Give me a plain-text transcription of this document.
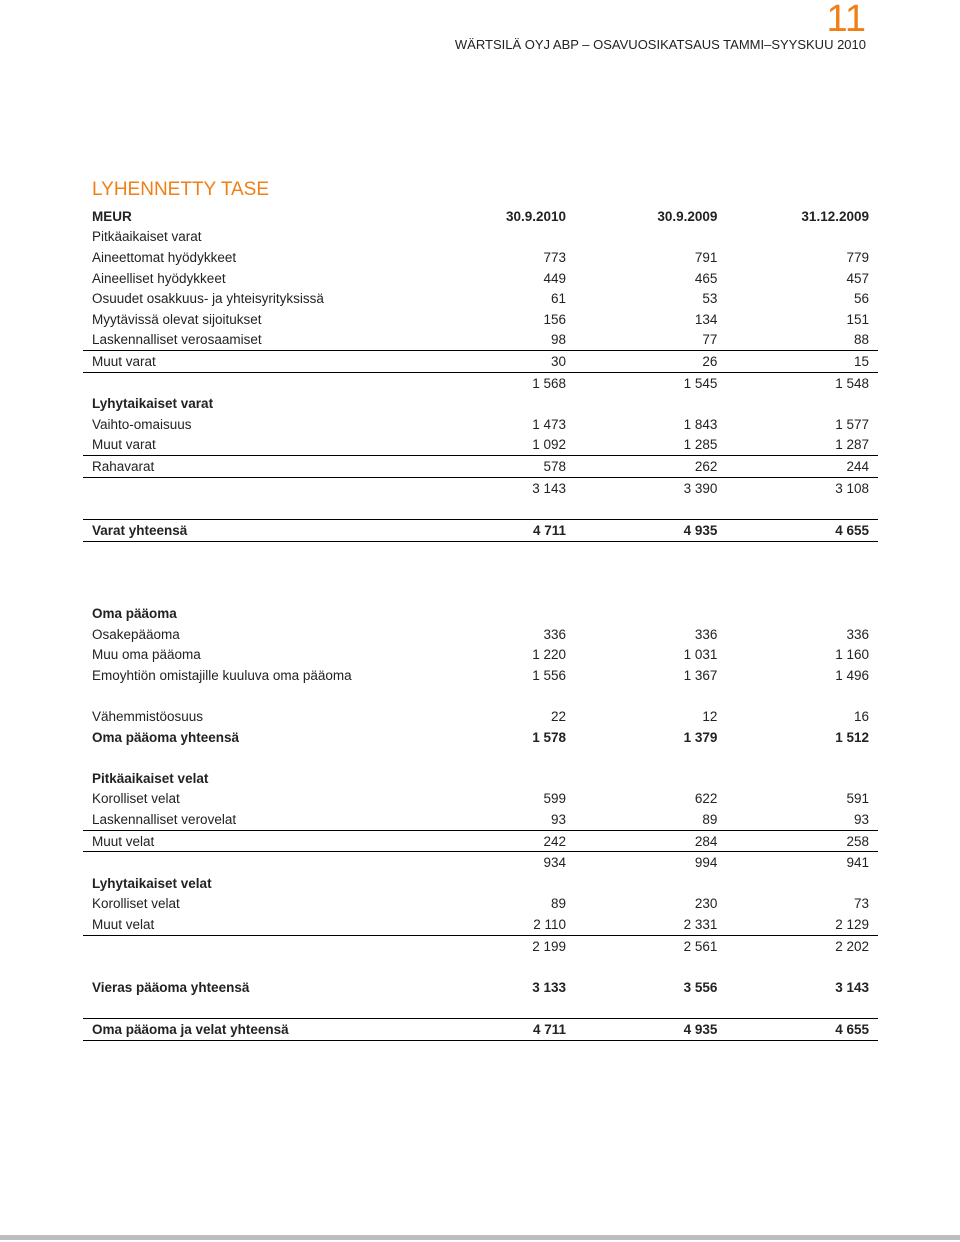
11
WÄRTSILÄ OYJ ABP – OSAVUOSIKATSAUS TAMMI–SYYSKUU 2010
LYHENNETTY TASE
MEUR	30.9.2010	30.9.2009	31.12.2009
Pitkäaikaiset varat			
Aineettomat hyödykkeet	773	791	779
Aineelliset hyödykkeet	449	465	457
Osuudet osakkuus- ja yhteisyrityksissä	61	53	56
Myytävissä olevat sijoitukset	156	134	151
Laskennalliset verosaamiset	98	77	88
Muut varat	30	26	15
	1 568	1 545	1 548
Lyhytaikaiset varat			
Vaihto-omaisuus	1 473	1 843	1 577
Muut varat	1 092	1 285	1 287
Rahavarat	578	262	244
	3 143	3 390	3 108

Varat yhteensä	4 711	4 935	4 655

Oma pääoma			
Osakepääoma	336	336	336
Muu oma pääoma	1 220	1 031	1 160
Emoyhtiön omistajille kuuluva oma pääoma	1 556	1 367	1 496

Vähemmistöosuus	22	12	16
Oma pääoma yhteensä	1 578	1 379	1 512

Pitkäaikaiset velat			
Korolliset velat	599	622	591
Laskennalliset verovelat	93	89	93
Muut velat	242	284	258
	934	994	941
Lyhytaikaiset velat			
Korolliset velat	89	230	73
Muut velat	2 110	2 331	2 129
	2 199	2 561	2 202

Vieras pääoma yhteensä	3 133	3 556	3 143

Oma pääoma ja velat yhteensä	4 711	4 935	4 655
